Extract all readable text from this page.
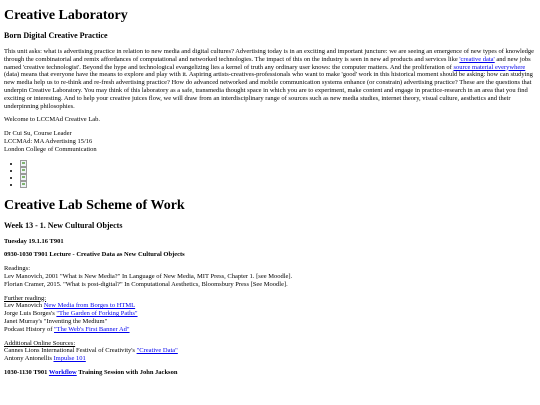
Creative Laboratory
Born Digital Creative Practice

This unit asks: what is advertising practice in relation to new media and digital cultures? Advertising today is in an exciting and important juncture: we are seeing an emergence of new types of knowledge through the combinatorial and remix affordances of computational and networked technologies. The impact of this on the industry is seen in new ad products and services like 'creative data' and new jobs named 'creative technologist'. Beyond the hype and technological evangelizing lies a kernel of truth any ordinary user knows: the computer matters. And the proliferation of source material everywhere (data) means that everyone have the means to explore and play with it. Aspiring artists-creatives-professionals who want to make 'good' work in this historical moment should be asking: how can studying new media help us to re-think and re-fresh advertising practice? How do advanced networked and mobile communication systems enhance (or constrain) advertising practice? These are the questions that underpin Creative Laboratory. You may think of this laboratory as a safe, transmedia thought space in which you are to experiment, make content and engage in practice-research in an area that you find exciting or interesting. And to help your creative juices flow, we will draw from an interdisciplinary range of sources such as new media studies, internet theory, visual culture, aesthetics and their underpinning philosophies.

Welcome to LCCMAd Creative Lab.

Dr Cui Su, Course Leader
LCCMAd: MA Advertising 15/16
London College of Communication
•
•
•
•
Creative Lab Scheme of Work
Week 13 - 1. New Cultural Objects
Tuesday 19.1.16 T901
0930-1030 T901 Lecture - Creative Data as New Cultural Objects
Readings:
Lev Manovich, 2001 "What is New Media?" In Language of New Media, MIT Press, Chapter 1. [see Moodle].
Florian Cramer, 2015. "What is post-digital?" In Computational Aesthetics, Bloomsbury Press [See Moodle].
Further reading:
Lev Manovich New Media from Borges to HTML
Jorge Luis Borges's "The Garden of Forking Paths"
Janet Murray's "Inventing the Medium"
Podcast History of "The Web's First Banner Ad"
Additional Online Sources:
Cannes Lions International Festival of Creativity's "Creative Data"
Antony Antonellis Impulse 101
1030-1130 T901 Workflow Training Session with John Jackson
